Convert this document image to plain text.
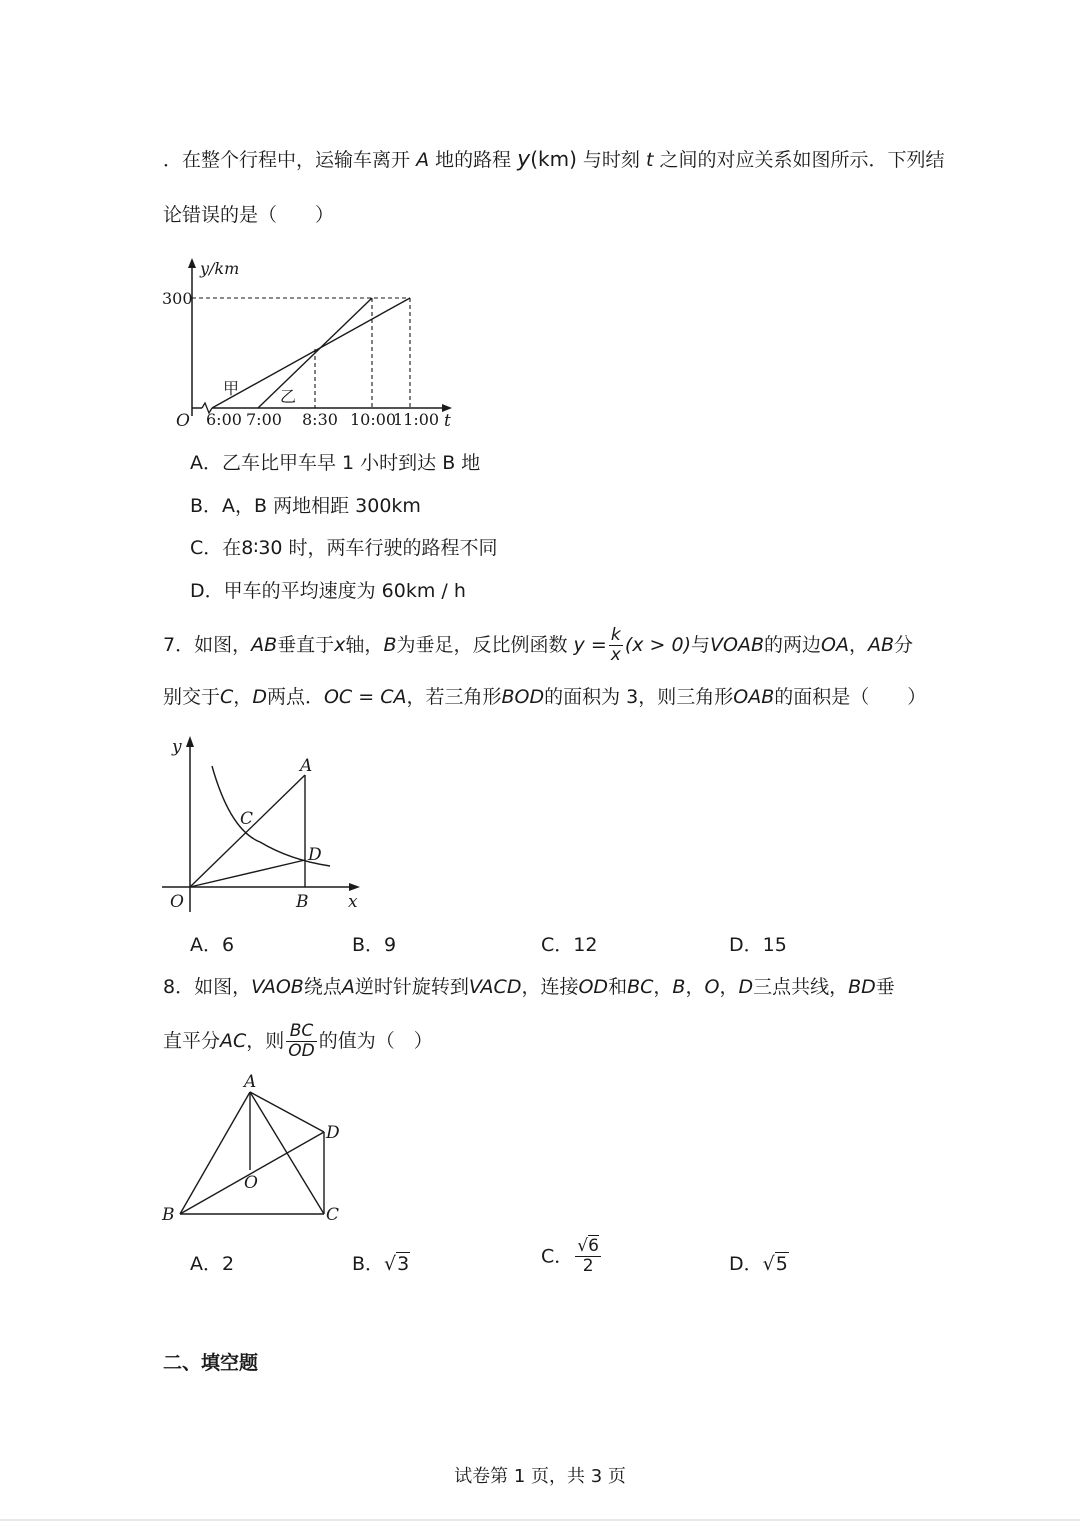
．在整个行程中，运输车离开 A 地的路程 y(km) 与时刻 t 之间的对应关系如图所示．下列结
论错误的是（　　）
y/km
300
O	t
6:00 7:00 8:30 10:00
11:00
甲	乙
A．乙车比甲车早 1 小时到达 B 地
B．A，B 两地相距 300km
C．在8∶30 时，两车行驶的路程不同
D．甲车的平均速度为 60km / h
7．如图，AB垂直于x轴，B为垂足，反比例函数 $y = \frac{k}{x} (x > 0)$与VOAB的两边OA，AB分
别交于C，D两点．OC = CA，若三角形BOD的面积为 3，则三角形OAB的面积是（　　）
y
A
C
D
O	B x
A．6	B．9	C．12	D．15
8．如图，VAOB绕点A逆时针旋转到VACD，连接OD和BC，B，O，D三点共线，BD垂
直平分AC，则 $\frac{BC}{OD}$ 的值为（　）
A
D
O
B	C
A．2	B．√3	C． $\frac{√6}{2}$	D．√5
二、填空题
试卷第 1 页，共 3 页
